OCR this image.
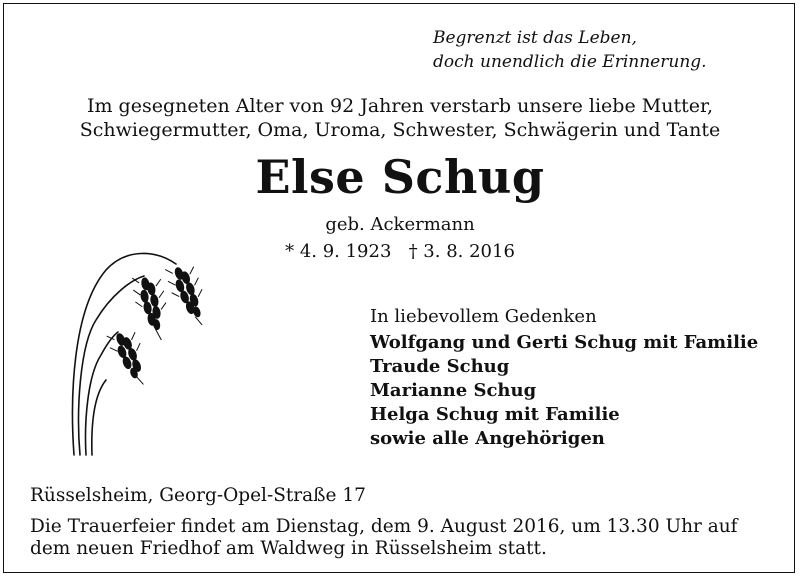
Begrenzt ist das Leben,
doch unendlich die Erinnerung.
Im gesegneten Alter von 92 Jahren verstarb unsere liebe Mutter,
Schwiegermutter, Oma, Uroma, Schwester, Schwägerin und Tante
Else Schug
geb. Ackermann
* 4. 9. 1923   † 3. 8. 2016
In liebevollem Gedenken
Wolfgang und Gerti Schug mit Familie
Traude Schug
Marianne Schug
Helga Schug mit Familie
sowie alle Angehörigen
Rüsselsheim, Georg-Opel-Straße 17
Die Trauerfeier findet am Dienstag, dem 9. August 2016, um 13.30 Uhr auf
dem neuen Friedhof am Waldweg in Rüsselsheim statt.
